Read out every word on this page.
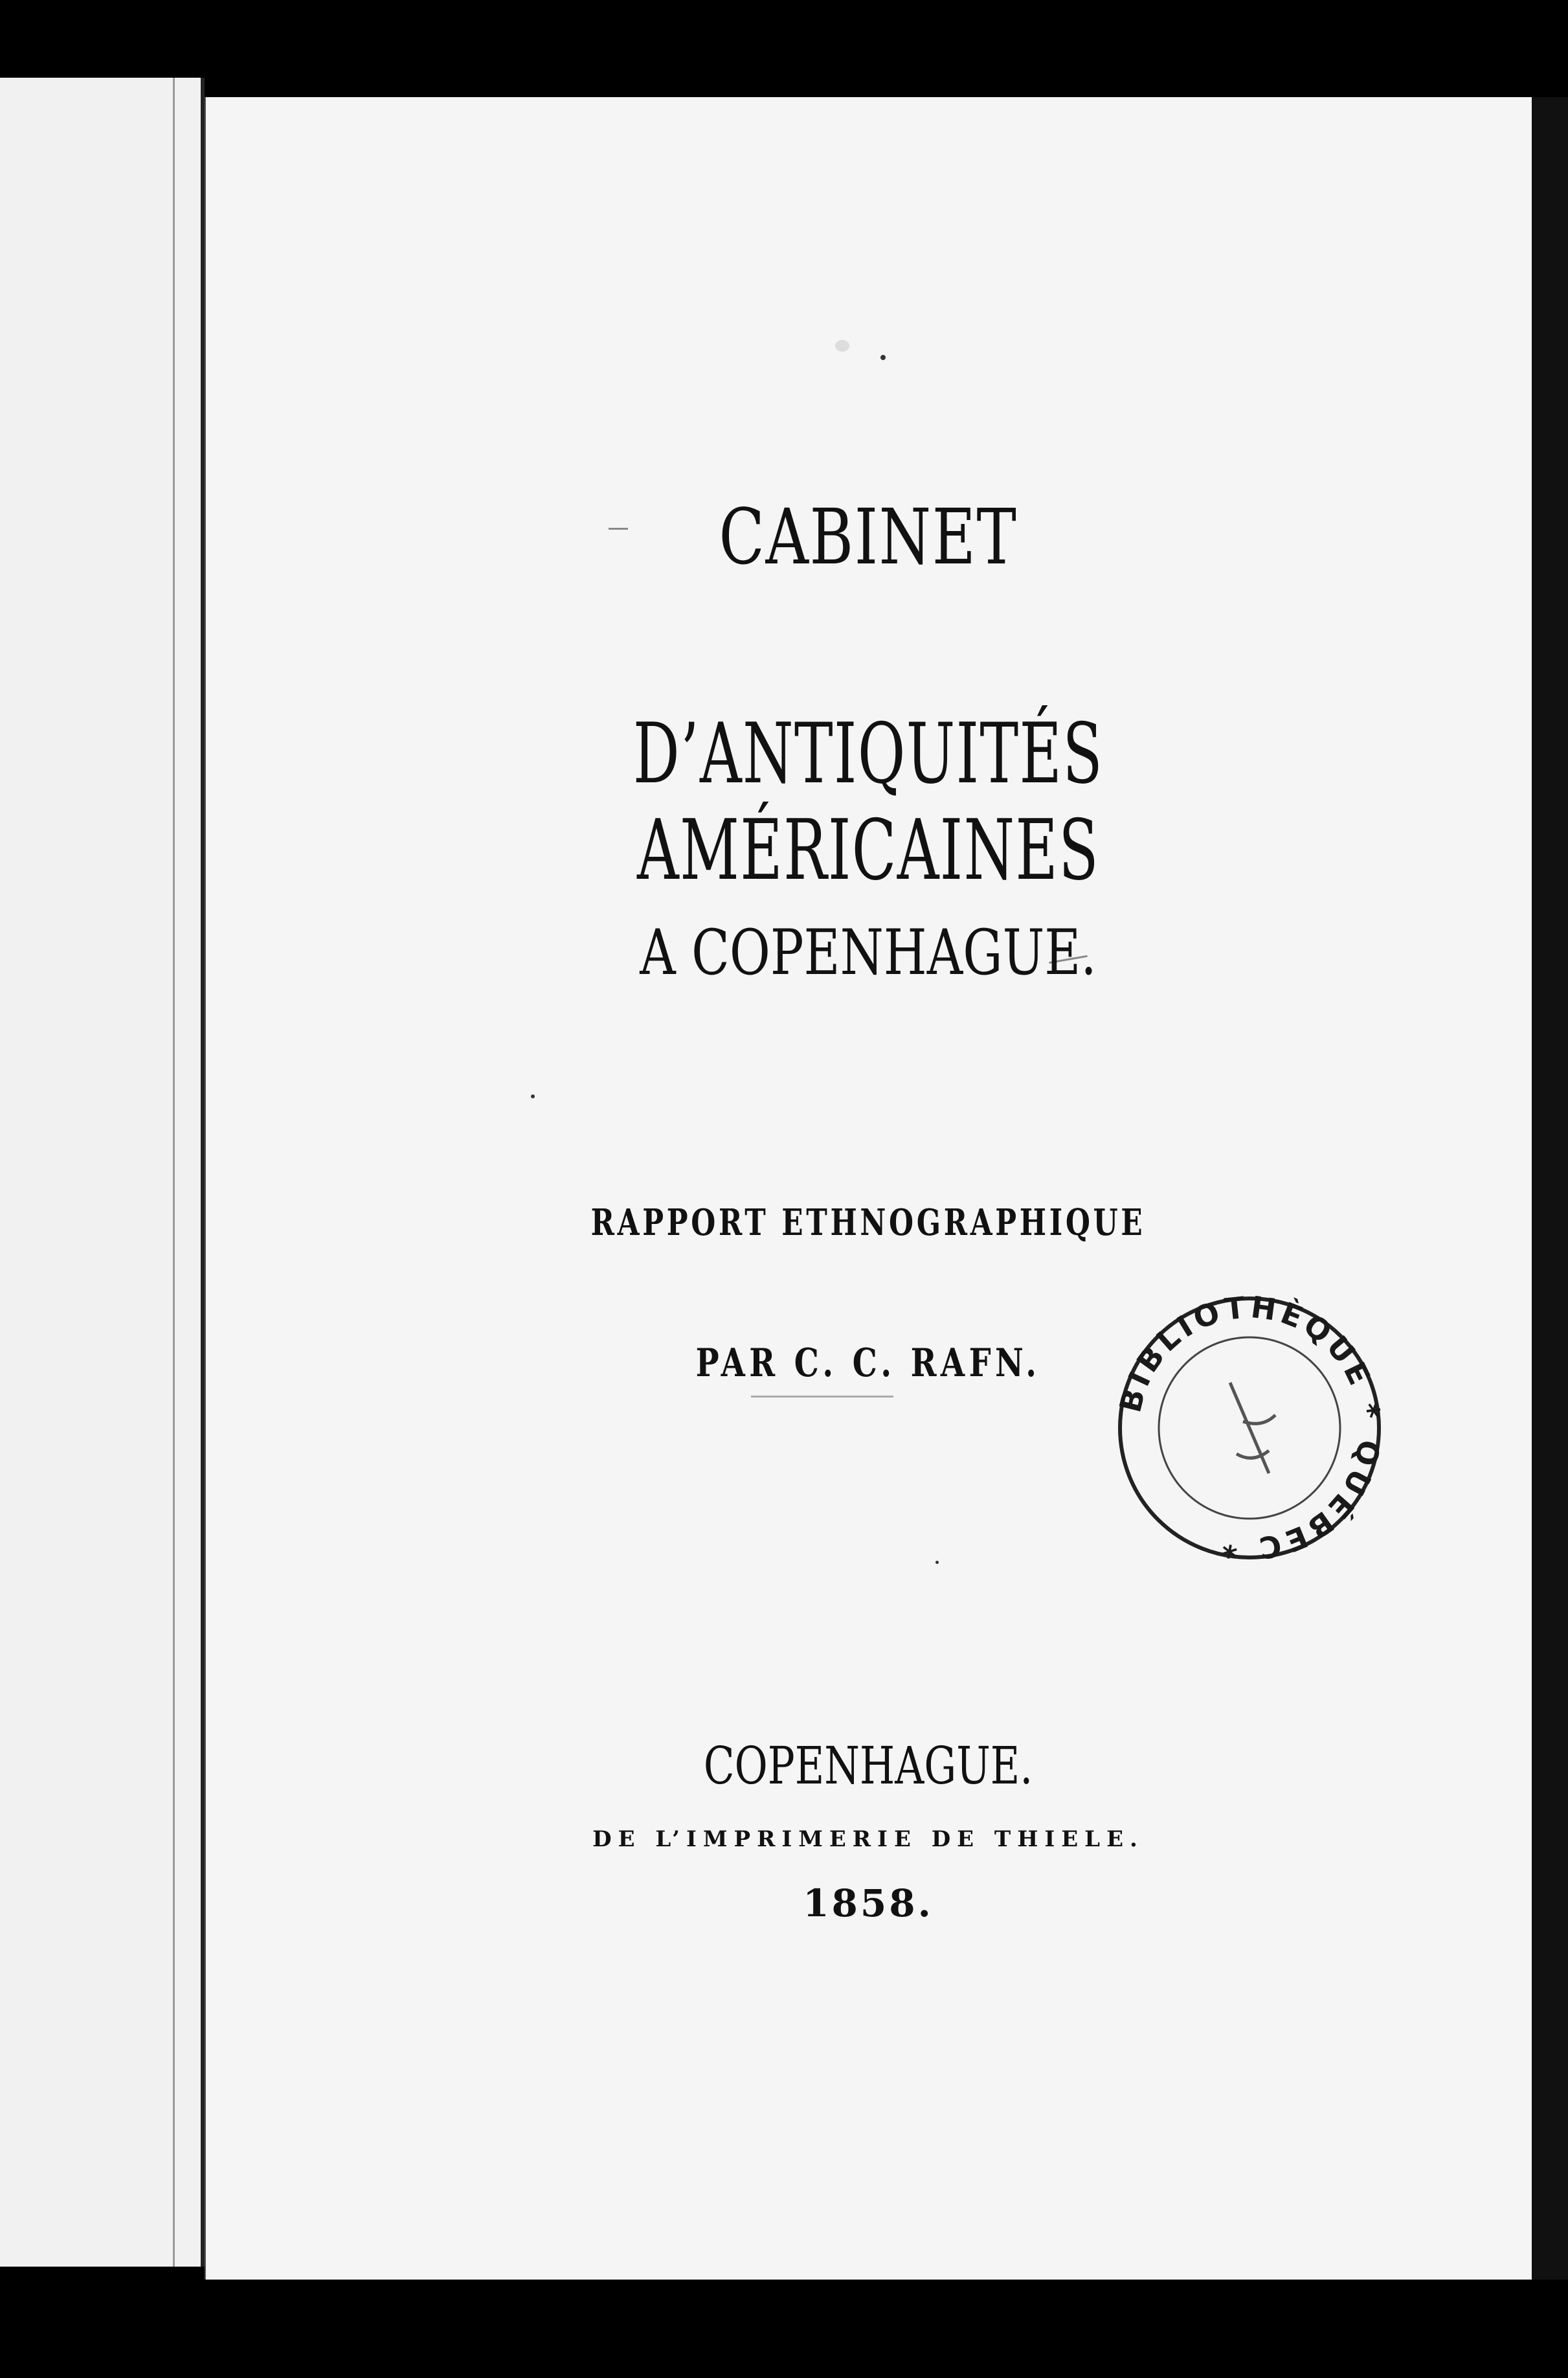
CABINET
D’ANTIQUITÉS AMÉRICAINES
A COPENHAGUE.
RAPPORT ETHNOGRAPHIQUE
PAR C. C. RAFN.
COPENHAGUE.
DE L’IMPRIMERIE DE THIELE.
1858.
BIBLIOTHÈQUE * QUÉBEC *
